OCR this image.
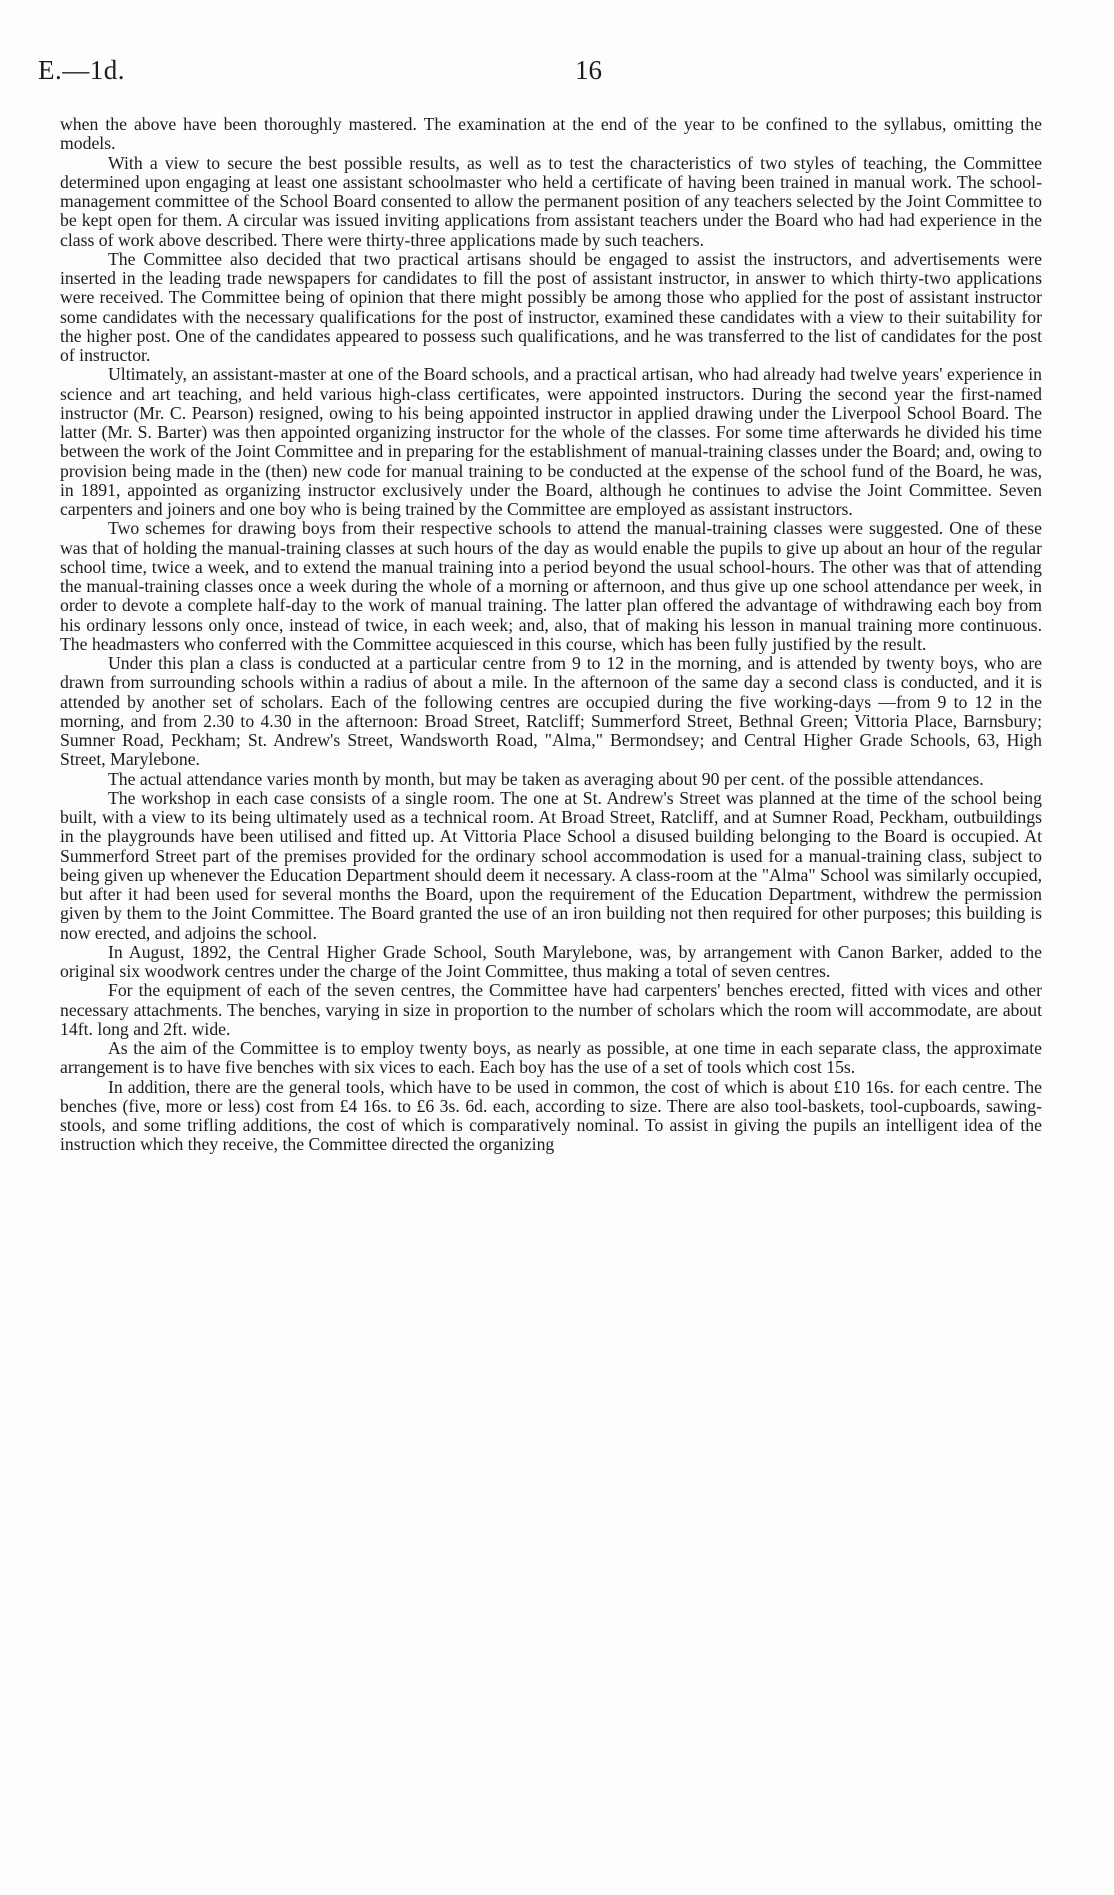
E.—1d.	16

when the above have been thoroughly mastered. The examination at the end of the year to be confined to the syllabus, omitting the models.

With a view to secure the best possible results, as well as to test the characteristics of two styles of teaching, the Committee determined upon engaging at least one assistant schoolmaster who held a certificate of having been trained in manual work. The school-management committee of the School Board consented to allow the permanent position of any teachers selected by the Joint Committee to be kept open for them. A circular was issued inviting applications from assistant teachers under the Board who had had experience in the class of work above described. There were thirty-three applications made by such teachers.

The Committee also decided that two practical artisans should be engaged to assist the instructors, and advertisements were inserted in the leading trade newspapers for candidates to fill the post of assistant instructor, in answer to which thirty-two applications were received. The Committee being of opinion that there might possibly be among those who applied for the post of assistant instructor some candidates with the necessary qualifications for the post of instructor, examined these candidates with a view to their suitability for the higher post. One of the candidates appeared to possess such qualifications, and he was transferred to the list of candidates for the post of instructor.

Ultimately, an assistant-master at one of the Board schools, and a practical artisan, who had already had twelve years' experience in science and art teaching, and held various high-class certificates, were appointed instructors. During the second year the first-named instructor (Mr. C. Pearson) resigned, owing to his being appointed instructor in applied drawing under the Liverpool School Board. The latter (Mr. S. Barter) was then appointed organizing instructor for the whole of the classes. For some time afterwards he divided his time between the work of the Joint Committee and in preparing for the establishment of manual-training classes under the Board; and, owing to provision being made in the (then) new code for manual training to be conducted at the expense of the school fund of the Board, he was, in 1891, appointed as organizing instructor exclusively under the Board, although he continues to advise the Joint Committee. Seven carpenters and joiners and one boy who is being trained by the Committee are employed as assistant instructors.

Two schemes for drawing boys from their respective schools to attend the manual-training classes were suggested. One of these was that of holding the manual-training classes at such hours of the day as would enable the pupils to give up about an hour of the regular school time, twice a week, and to extend the manual training into a period beyond the usual school-hours. The other was that of attending the manual-training classes once a week during the whole of a morning or afternoon, and thus give up one school attendance per week, in order to devote a complete half-day to the work of manual training. The latter plan offered the advantage of withdrawing each boy from his ordinary lessons only once, instead of twice, in each week; and, also, that of making his lesson in manual training more continuous. The headmasters who conferred with the Committee acquiesced in this course, which has been fully justified by the result.

Under this plan a class is conducted at a particular centre from 9 to 12 in the morning, and is attended by twenty boys, who are drawn from surrounding schools within a radius of about a mile. In the afternoon of the same day a second class is conducted, and it is attended by another set of scholars. Each of the following centres are occupied during the five working-days —from 9 to 12 in the morning, and from 2.30 to 4.30 in the afternoon: Broad Street, Ratcliff; Summerford Street, Bethnal Green; Vittoria Place, Barnsbury; Sumner Road, Peckham; St. Andrew's Street, Wandsworth Road, "Alma," Bermondsey; and Central Higher Grade Schools, 63, High Street, Marylebone.

The actual attendance varies month by month, but may be taken as averaging about 90 per cent. of the possible attendances.

The workshop in each case consists of a single room. The one at St. Andrew's Street was planned at the time of the school being built, with a view to its being ultimately used as a technical room. At Broad Street, Ratcliff, and at Sumner Road, Peckham, outbuildings in the playgrounds have been utilised and fitted up. At Vittoria Place School a disused building belonging to the Board is occupied. At Summerford Street part of the premises provided for the ordinary school accommodation is used for a manual-training class, subject to being given up whenever the Education Department should deem it necessary. A class-room at the "Alma" School was similarly occupied, but after it had been used for several months the Board, upon the requirement of the Education Department, withdrew the permission given by them to the Joint Committee. The Board granted the use of an iron building not then required for other purposes; this building is now erected, and adjoins the school.

In August, 1892, the Central Higher Grade School, South Marylebone, was, by arrangement with Canon Barker, added to the original six woodwork centres under the charge of the Joint Committee, thus making a total of seven centres.

For the equipment of each of the seven centres, the Committee have had carpenters' benches erected, fitted with vices and other necessary attachments. The benches, varying in size in proportion to the number of scholars which the room will accommodate, are about 14ft. long and 2ft. wide.

As the aim of the Committee is to employ twenty boys, as nearly as possible, at one time in each separate class, the approximate arrangement is to have five benches with six vices to each. Each boy has the use of a set of tools which cost 15s.

In addition, there are the general tools, which have to be used in common, the cost of which is about £10 16s. for each centre. The benches (five, more or less) cost from £4 16s. to £6 3s. 6d. each, according to size. There are also tool-baskets, tool-cupboards, sawing-stools, and some trifling additions, the cost of which is comparatively nominal. To assist in giving the pupils an intelligent idea of the instruction which they receive, the Committee directed the organizing
